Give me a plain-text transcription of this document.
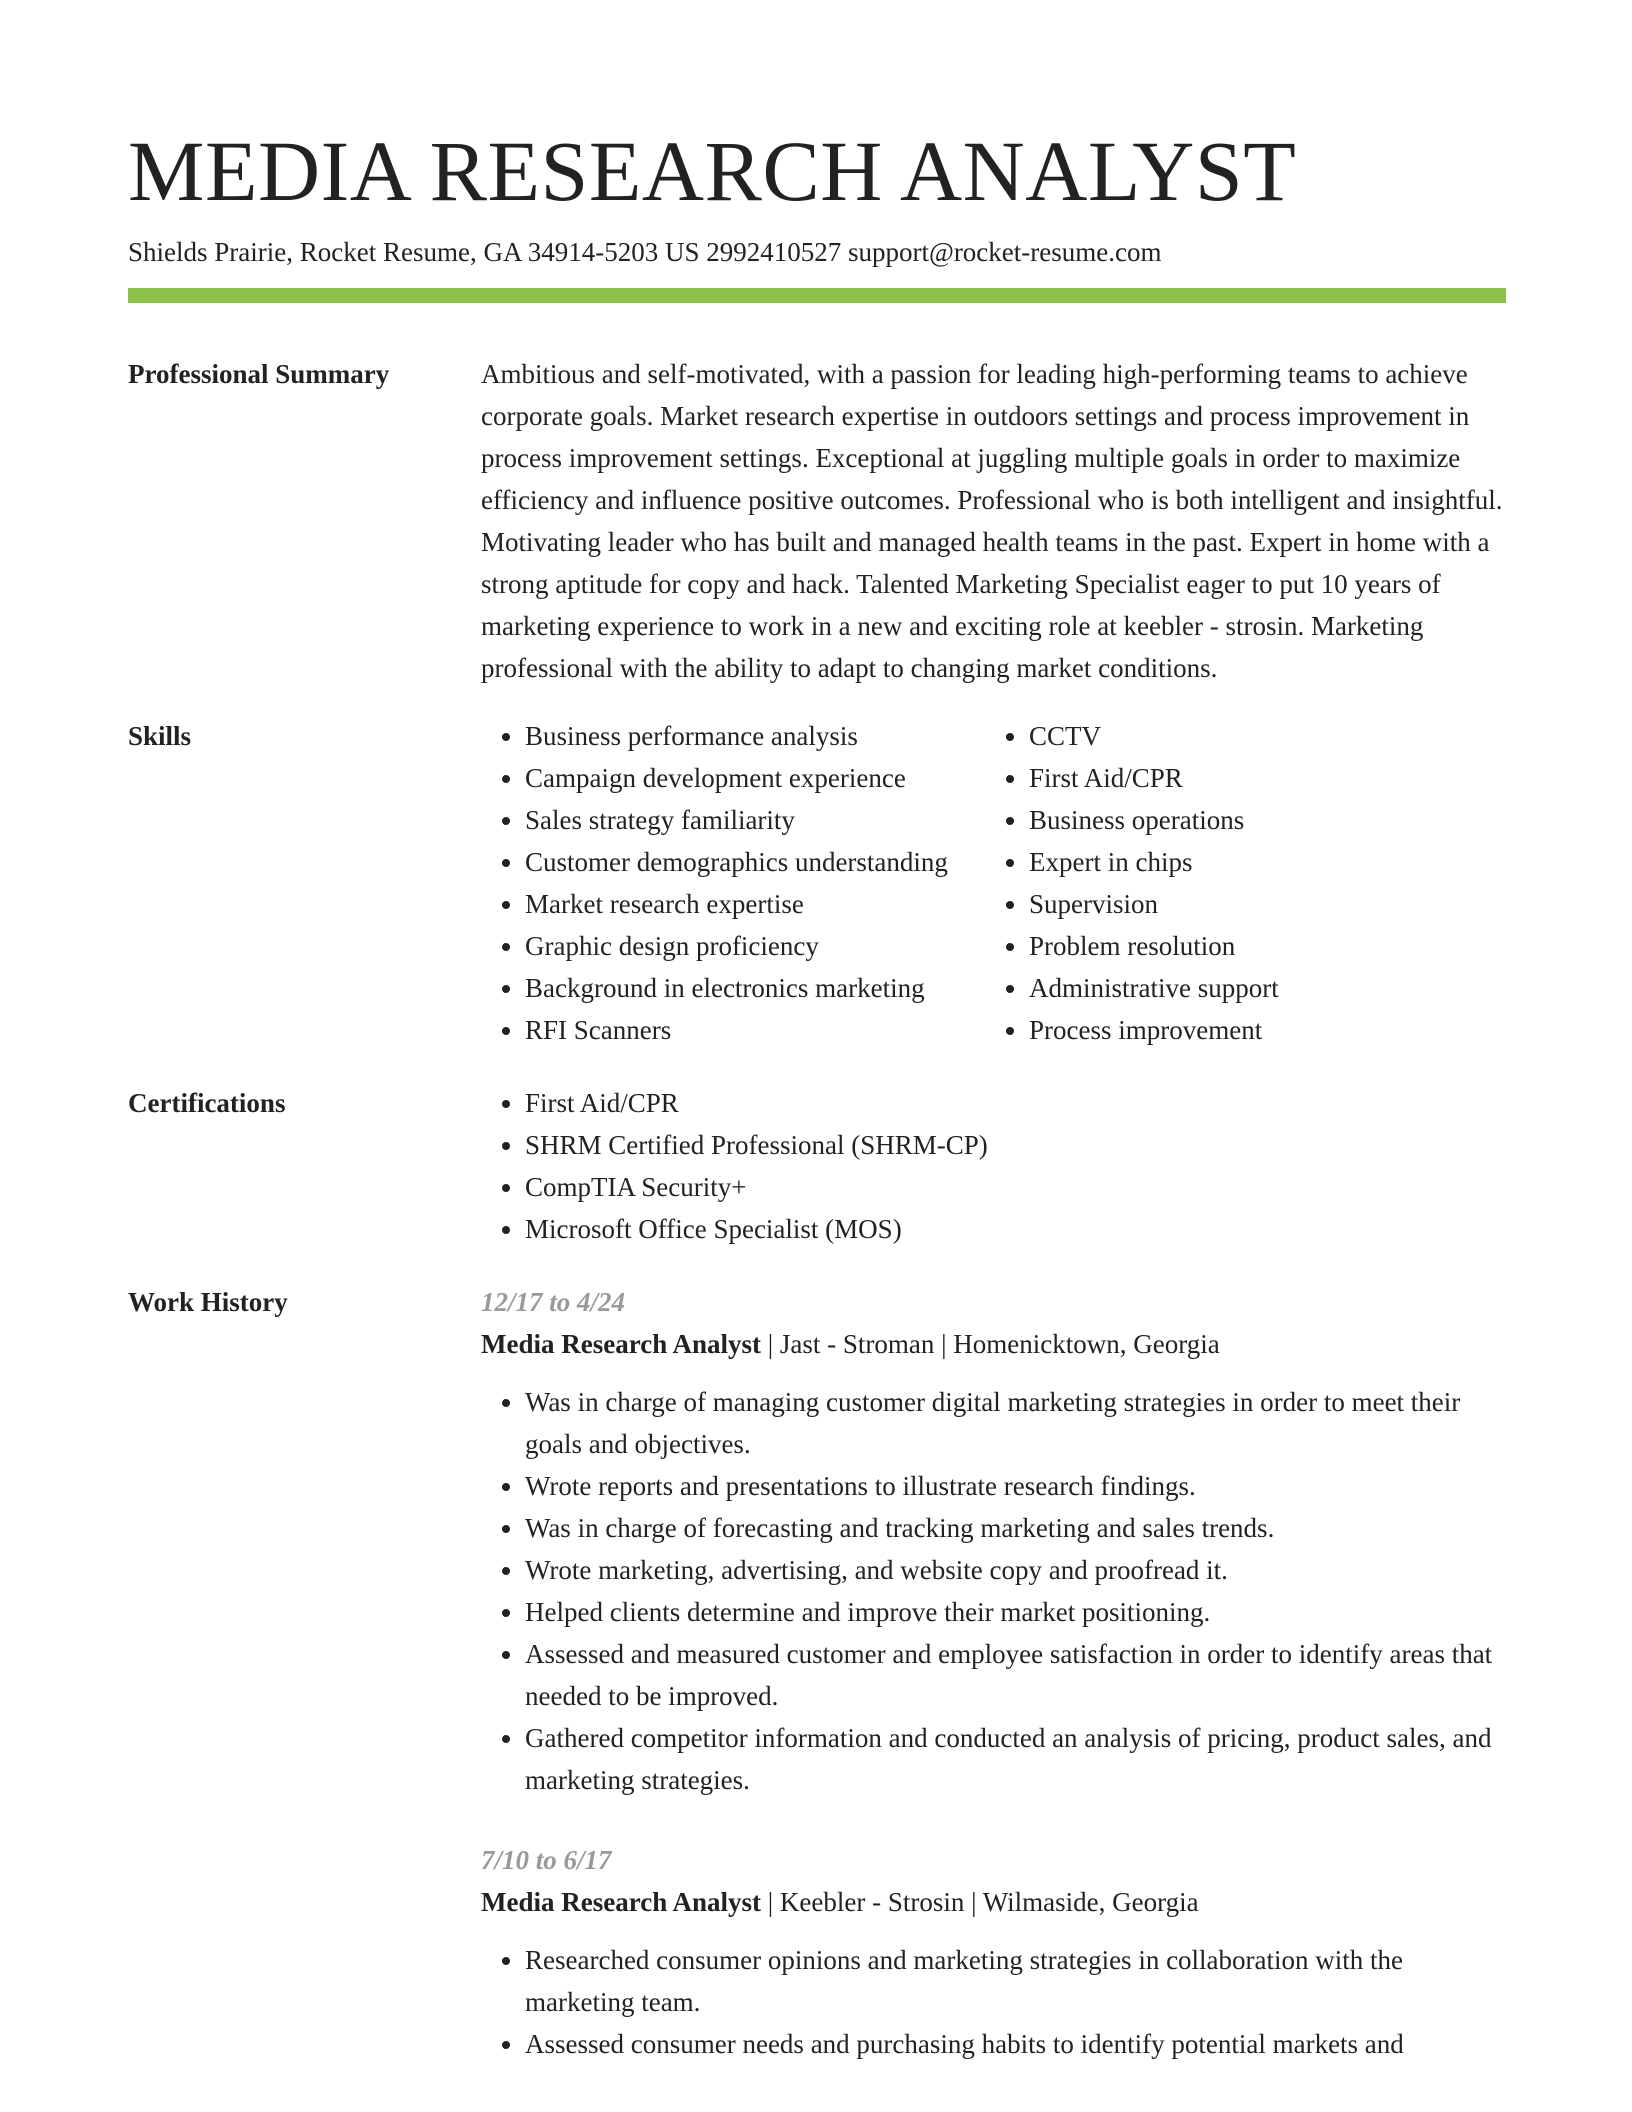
MEDIA RESEARCH ANALYST
Shields Prairie, Rocket Resume, GA 34914-5203 US 2992410527 support@rocket-resume.com
Professional Summary	Ambitious and self-motivated, with a passion for leading high-performing teams to achieve corporate goals. Market research expertise in outdoors settings and process improvement in process improvement settings. Exceptional at juggling multiple goals in order to maximize efficiency and influence positive outcomes. Professional who is both intelligent and insightful. Motivating leader who has built and managed health teams in the past. Expert in home with a strong aptitude for copy and hack. Talented Marketing Specialist eager to put 10 years of marketing experience to work in a new and exciting role at keebler - strosin. Marketing professional with the ability to adapt to changing market conditions.

Skills	• Business performance analysis
• Campaign development experience
• Sales strategy familiarity
• Customer demographics understanding
• Market research expertise
• Graphic design proficiency
• Background in electronics marketing
• RFI Scanners
• CCTV
• First Aid/CPR
• Business operations
• Expert in chips
• Supervision
• Problem resolution
• Administrative support
• Process improvement
Certifications	• First Aid/CPR
• SHRM Certified Professional (SHRM-CP)
• CompTIA Security+
• Microsoft Office Specialist (MOS)
Work History	12/17 to 4/24
Media Research Analyst | Jast - Stroman | Homenicktown, Georgia
• Was in charge of managing customer digital marketing strategies in order to meet their goals and objectives.
• Wrote reports and presentations to illustrate research findings.
• Was in charge of forecasting and tracking marketing and sales trends.
• Wrote marketing, advertising, and website copy and proofread it.
• Helped clients determine and improve their market positioning.
• Assessed and measured customer and employee satisfaction in order to identify areas that needed to be improved.
• Gathered competitor information and conducted an analysis of pricing, product sales, and marketing strategies.
7/10 to 6/17
Media Research Analyst | Keebler - Strosin | Wilmaside, Georgia
• Researched consumer opinions and marketing strategies in collaboration with the marketing team.
• Assessed consumer needs and purchasing habits to identify potential markets and
